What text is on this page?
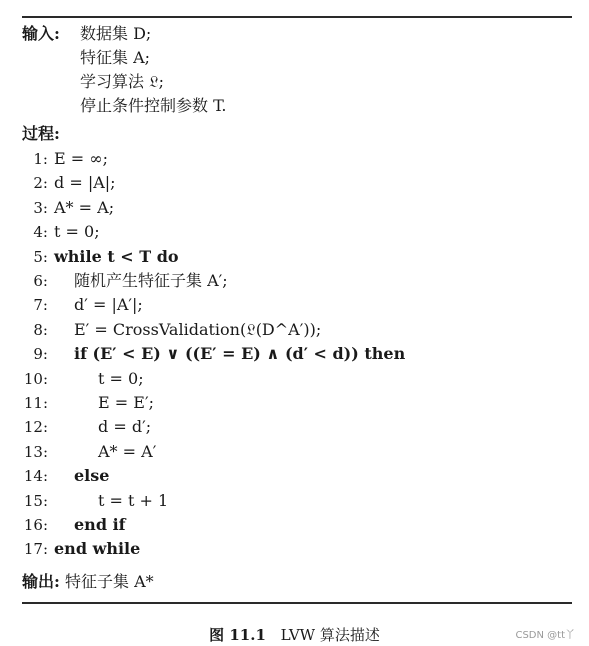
输入: 数据集 D;
特征集 A;
学习算法 𝔏;
停止条件控制参数 T.
过程:
1: E = ∞;
2: d = |A|;
3: A* = A;
4: t = 0;
5: while t < T do
6: 随机产生特征子集 A′;
7: d′ = |A′|;
8: E′ = CrossValidation(𝔏(D^A′));
9: if (E′ < E) ∨ ((E′ = E) ∧ (d′ < d)) then
10:	t = 0;
11:	E = E′;
12:	d = d′;
13:	A* = A′
14: else
15:	t = t + 1
16: end if
17: end while
输出: 特征子集 A*
图 11.1 LVW 算法描述	CSDN @tt丫
